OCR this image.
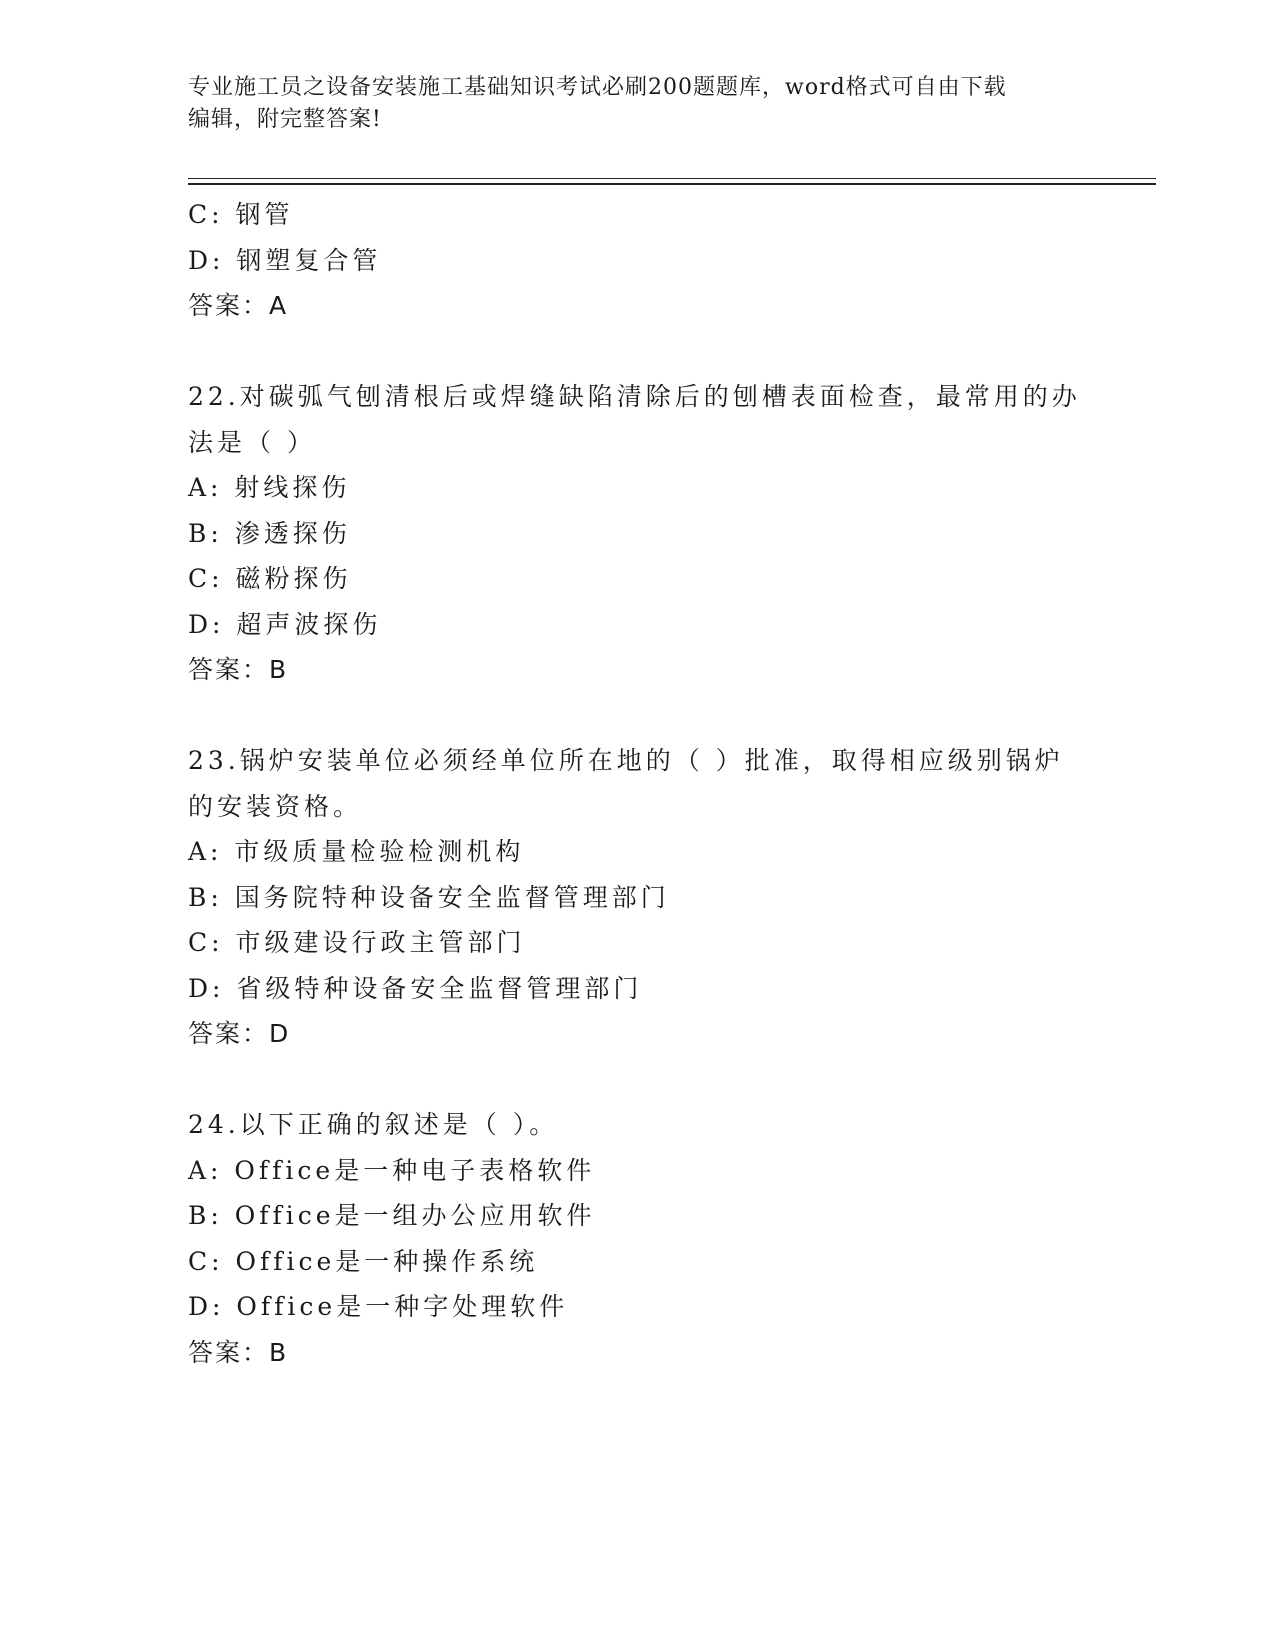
专业施工员之设备安装施工基础知识考试必刷200题题库，word格式可自由下载
编辑，附完整答案!
C: 钢管
D: 钢塑复合管
答案：A
22.对碳弧气刨清根后或焊缝缺陷清除后的刨槽表面检查，最常用的办
法是（ ）
A: 射线探伤
B: 渗透探伤
C: 磁粉探伤
D: 超声波探伤
答案：B
23.锅炉安装单位必须经单位所在地的（ ）批准，取得相应级别锅炉
的安装资格。
A: 市级质量检验检测机构
B: 国务院特种设备安全监督管理部门
C: 市级建设行政主管部门
D: 省级特种设备安全监督管理部门
答案：D
24.以下正确的叙述是（ ）。
A: Office是一种电子表格软件
B: Office是一组办公应用软件
C: Office是一种操作系统
D: Office是一种字处理软件
答案：B
